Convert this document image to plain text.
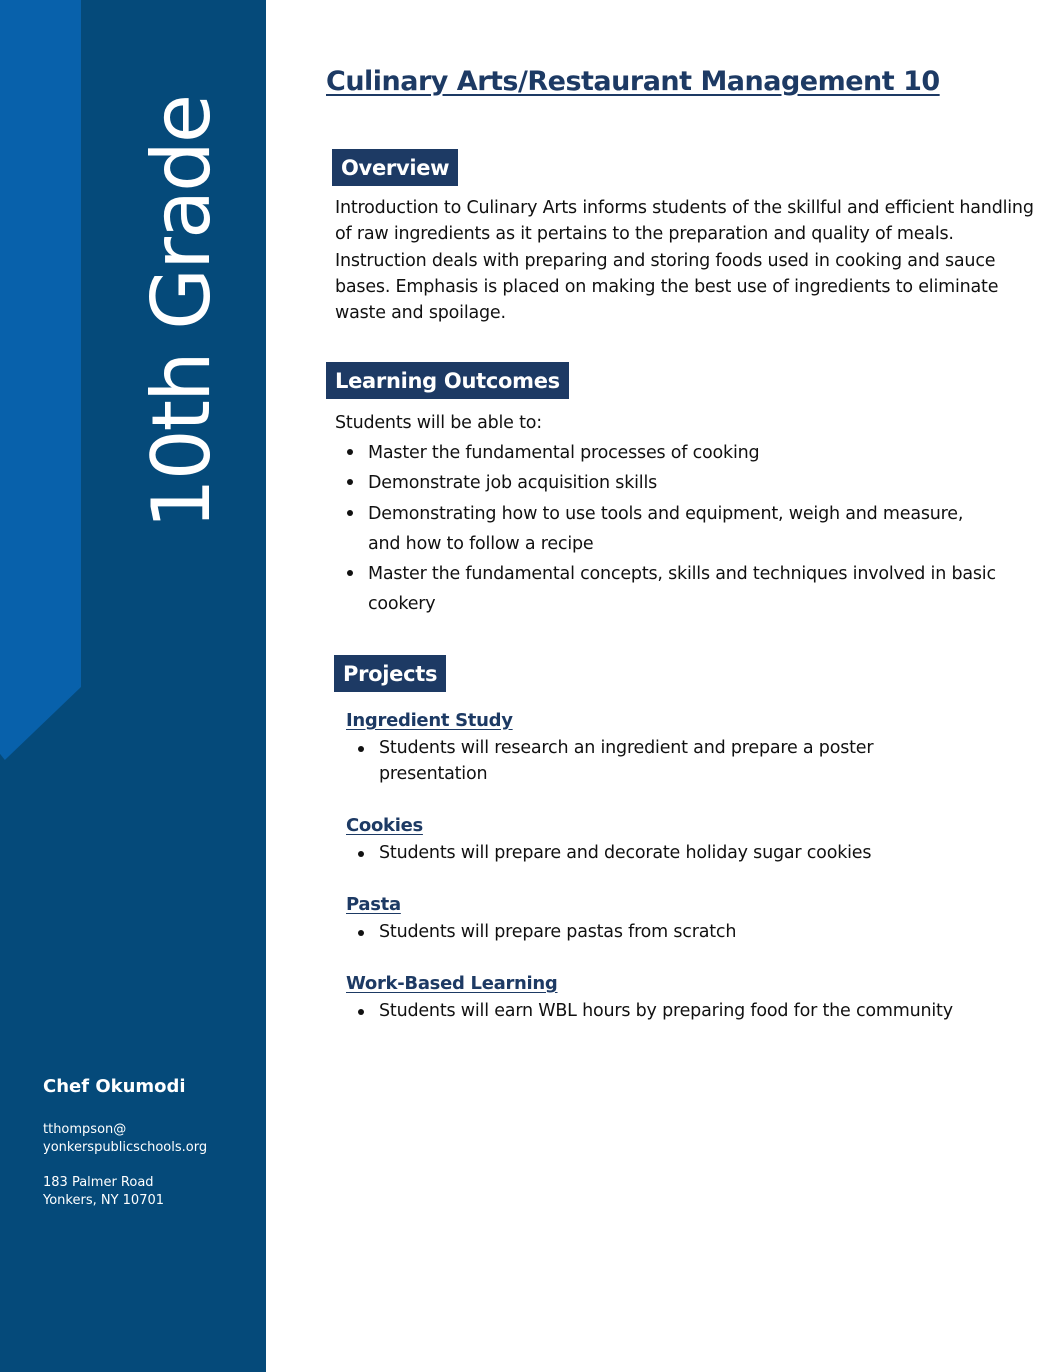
10th Grade
Chef Okumodi
tthompson@
yonkerspublicschools.org
183 Palmer Road
Yonkers, NY 10701
Culinary Arts/Restaurant Management 10
Overview
Introduction to Culinary Arts informs students of the skillful and efficient handling of raw ingredients as it pertains to the preparation and quality of meals. Instruction deals with preparing and storing foods used in cooking and sauce bases. Emphasis is placed on making the best use of ingredients to eliminate waste and spoilage.
Learning Outcomes
Students will be able to:
Master the fundamental processes of cooking
Demonstrate job acquisition skills
Demonstrating how to use tools and equipment, weigh and measure, and how to follow a recipe
Master the fundamental concepts, skills and techniques involved in basic cookery
Projects
Ingredient Study
Students will research an ingredient and prepare a poster presentation
Cookies
Students will prepare and decorate holiday sugar cookies
Pasta
Students will prepare pastas from scratch
Work-Based Learning
Students will earn WBL hours by preparing food for the community
